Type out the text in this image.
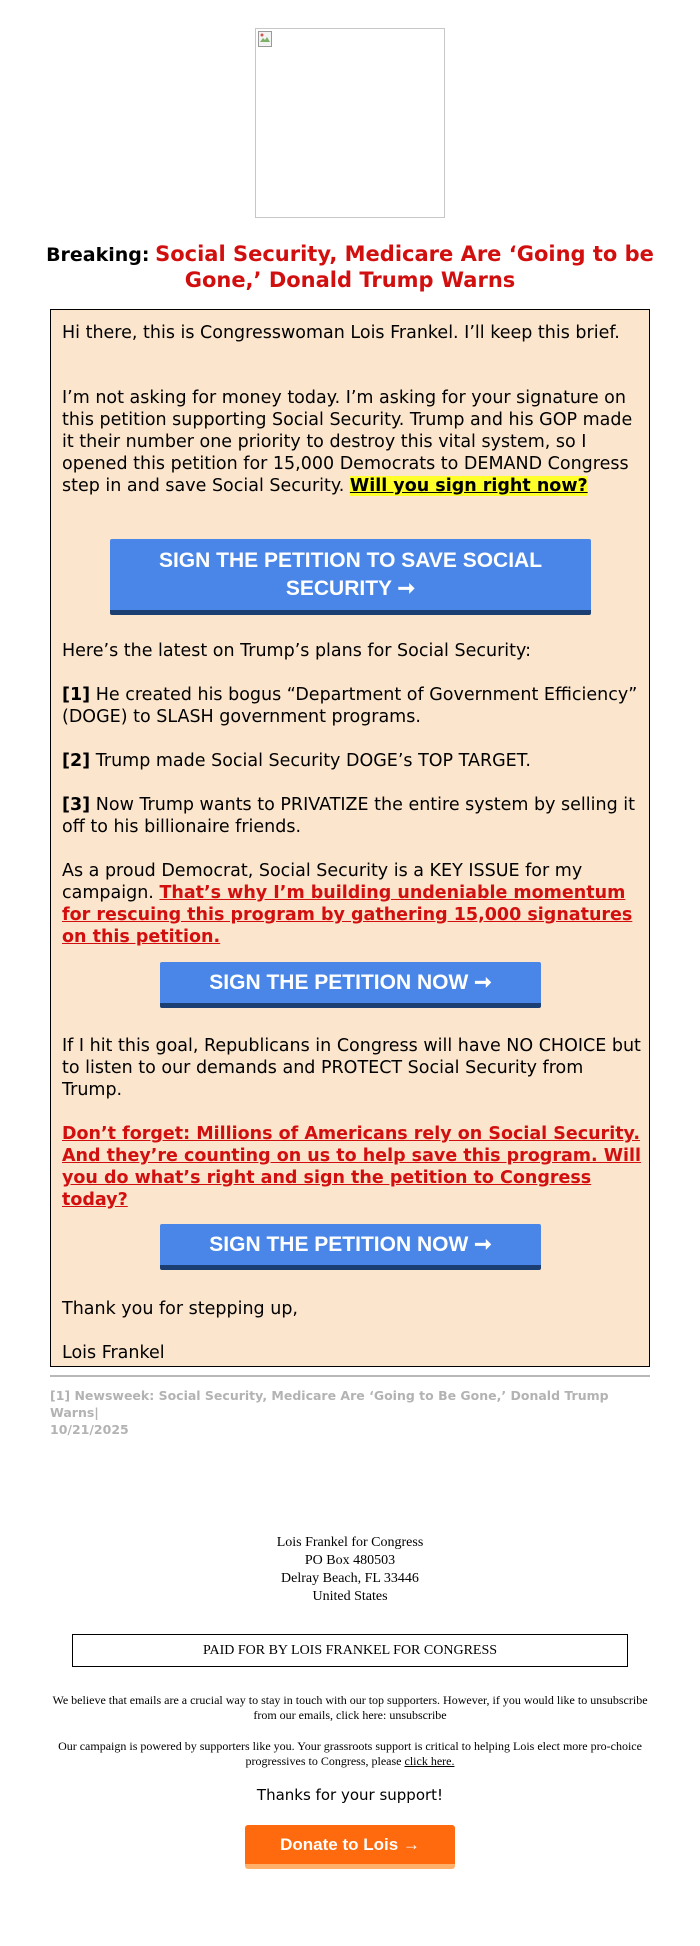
Breaking: Social Security, Medicare Are ‘Going to be Gone,’ Donald Trump Warns

Hi there, this is Congresswoman Lois Frankel. I’ll keep this brief.

I’m not asking for money today. I’m asking for your signature on this petition supporting Social Security. Trump and his GOP made it their number one priority to destroy this vital system, so I opened this petition for 15,000 Democrats to DEMAND Congress step in and save Social Security. Will you sign right now?

SIGN THE PETITION TO SAVE SOCIAL SECURITY ➞

Here’s the latest on Trump’s plans for Social Security:

[1] He created his bogus “Department of Government Efficiency” (DOGE) to SLASH government programs.

[2] Trump made Social Security DOGE’s TOP TARGET.

[3] Now Trump wants to PRIVATIZE the entire system by selling it off to his billionaire friends.

As a proud Democrat, Social Security is a KEY ISSUE for my campaign. That’s why I’m building undeniable momentum for rescuing this program by gathering 15,000 signatures on this petition.

SIGN THE PETITION NOW ➞

If I hit this goal, Republicans in Congress will have NO CHOICE but to listen to our demands and PROTECT Social Security from Trump.

Don’t forget: Millions of Americans rely on Social Security. And they’re counting on us to help save this program. Will you do what’s right and sign the petition to Congress today?

SIGN THE PETITION NOW ➞

Thank you for stepping up,

Lois Frankel

[1] Newsweek: Social Security, Medicare Are ‘Going to Be Gone,’ Donald Trump Warns|
10/21/2025
Lois Frankel for Congress
PO Box 480503
Delray Beach, FL 33446
United States
PAID FOR BY LOIS FRANKEL FOR CONGRESS
We believe that emails are a crucial way to stay in touch with our top supporters. However, if you would like to unsubscribe from our emails, click here: unsubscribe
Our campaign is powered by supporters like you. Your grassroots support is critical to helping Lois elect more pro-choice progressives to Congress, please click here.
Thanks for your support!
Donate to Lois →
